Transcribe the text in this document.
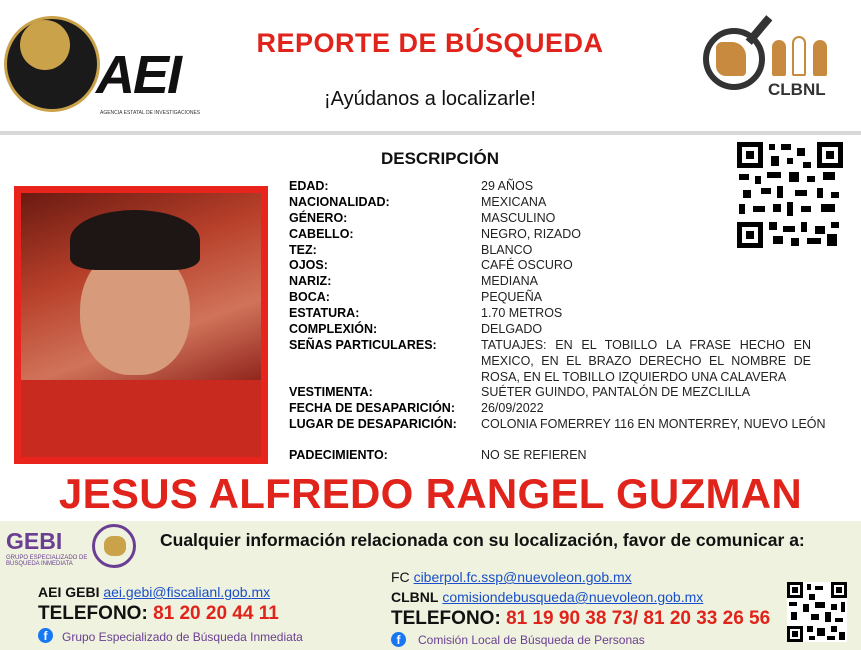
AEI
AGENCIA ESTATAL DE INVESTIGACIONES
REPORTE DE BÚSQUEDA
¡Ayúdanos a localizarle!	CLBNL
DESCRIPCIÓN
EDAD:	29 AÑOS
NACIONALIDAD:	MEXICANA
GÉNERO:	MASCULINO
CABELLO:	NEGRO, RIZADO
TEZ:	BLANCO
OJOS:	CAFÉ OSCURO
NARIZ:	MEDIANA
BOCA:	PEQUEÑA
ESTATURA:	1.70 METROS
COMPLEXIÓN:	DELGADO
SEÑAS PARTICULARES:	TATUAJES: EN EL TOBILLO LA FRASE HECHO EN MEXICO, EN EL BRAZO DERECHO EL NOMBRE DE ROSA, EN EL TOBILLO IZQUIERDO UNA CALAVERA
VESTIMENTA:	SUÉTER GUINDO, PANTALÓN DE MEZCLILLA
FECHA DE DESAPARICIÓN: 26/09/2022
LUGAR DE DESAPARICIÓN: COLONIA FOMERREY 116 EN MONTERREY, NUEVO LEÓN
PADECIMIENTO:	NO SE REFIEREN
JESUS ALFREDO RANGEL GUZMAN
GEBI
GRUPO ESPECIALIZADO DE BÚSQUEDA INMEDIATA
Cualquier información relacionada con su localización, favor de comunicar a:
AEI GEBI aei.gebi@fiscalianl.gob.mx
TELEFONO: 81 20 20 44 11
f	Grupo Especializado de Búsqueda Inmediata
FC ciberpol.fc.ssp@nuevoleon.gob.mx
CLBNL comisiondebusqueda@nuevoleon.gob.mx
TELEFONO: 81 19 90 38 73/ 81 20 33 26 56
f	Comisión Local de Búsqueda de Personas
